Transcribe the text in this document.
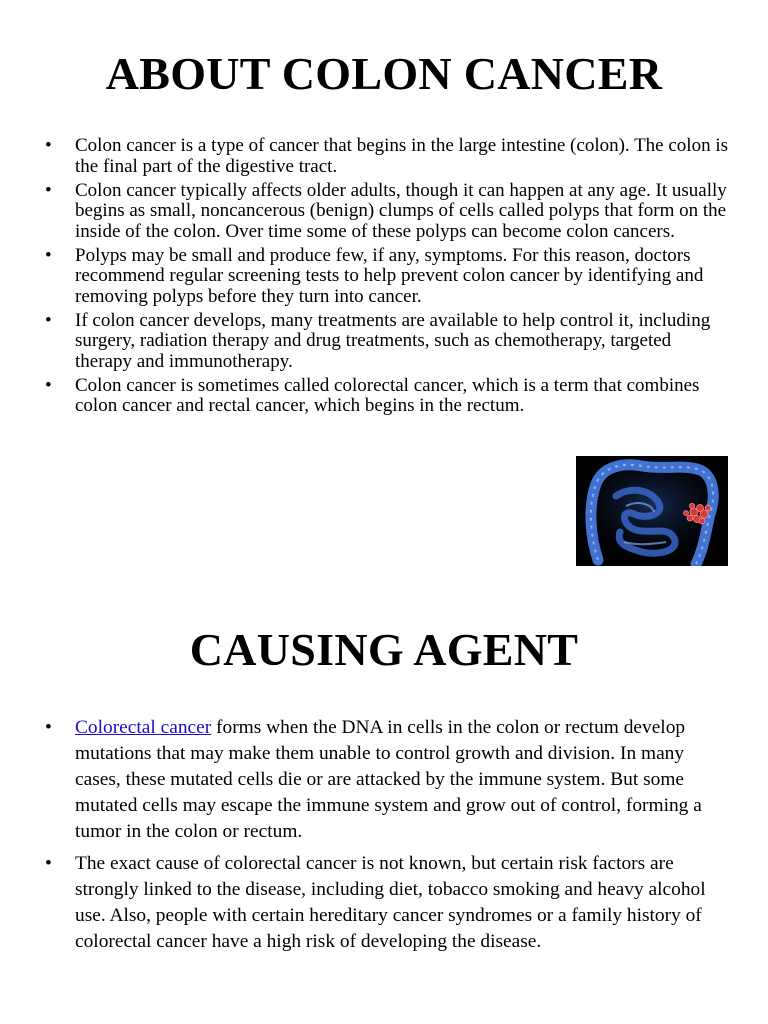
ABOUT COLON CANCER
• Colon cancer is a type of cancer that begins in the large intestine (colon). The colon is the final part of the digestive tract.
• Colon cancer typically affects older adults, though it can happen at any age. It usually begins as small, noncancerous (benign) clumps of cells called polyps that form on the inside of the colon. Over time some of these polyps can become colon cancers.
• Polyps may be small and produce few, if any, symptoms. For this reason, doctors recommend regular screening tests to help prevent colon cancer by identifying and removing polyps before they turn into cancer.
• If colon cancer develops, many treatments are available to help control it, including surgery, radiation therapy and drug treatments, such as chemotherapy, targeted therapy and immunotherapy.
• Colon cancer is sometimes called colorectal cancer, which is a term that combines colon cancer and rectal cancer, which begins in the rectum.
CAUSING AGENT
• Colorectal cancer forms when the DNA in cells in the colon or rectum develop mutations that may make them unable to control growth and division. In many cases, these mutated cells die or are attacked by the immune system. But some mutated cells may escape the immune system and grow out of control, forming a tumor in the colon or rectum.
• The exact cause of colorectal cancer is not known, but certain risk factors are strongly linked to the disease, including diet, tobacco smoking and heavy alcohol use. Also, people with certain hereditary cancer syndromes or a family history of colorectal cancer have a high risk of developing the disease.
